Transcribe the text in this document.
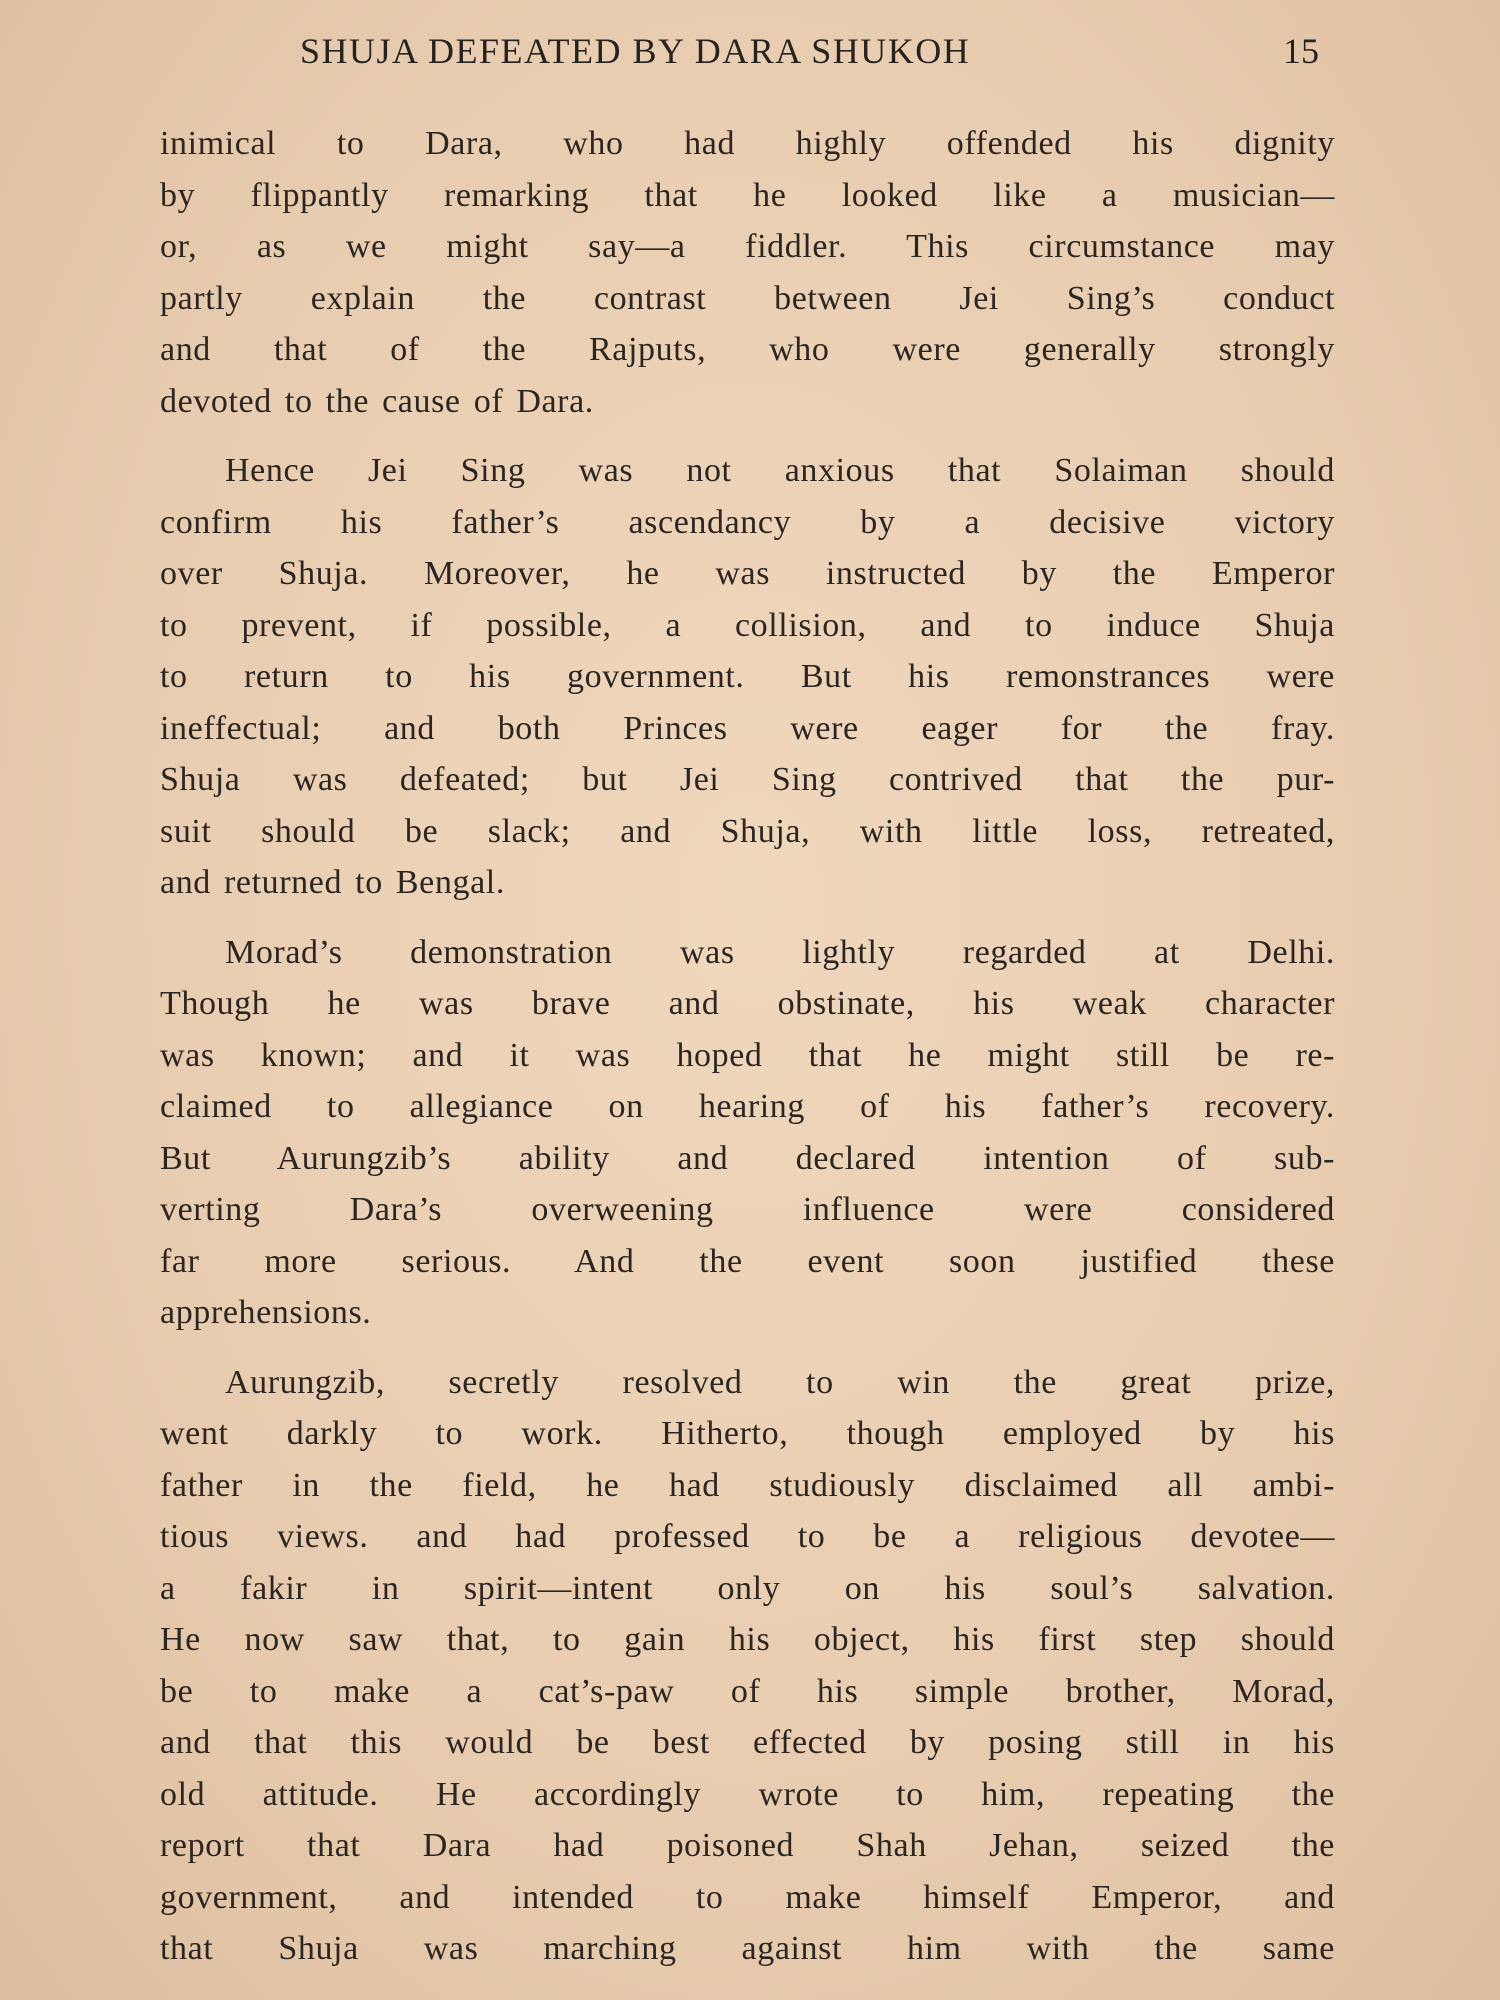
SHUJA DEFEATED BY DARA SHUKOH	15
inimical to Dara, who had highly offended his dignity
by flippantly remarking that he looked like a musician—
or, as we might say—a fiddler. This circumstance may
partly explain the contrast between Jei Sing’s conduct
and that of the Rajputs, who were generally strongly
devoted to the cause of Dara.
Hence Jei Sing was not anxious that Solaiman should
confirm his father’s ascendancy by a decisive victory
over Shuja. Moreover, he was instructed by the Emperor
to prevent, if possible, a collision, and to induce Shuja
to return to his government. But his remonstrances were
ineffectual; and both Princes were eager for the fray.
Shuja was defeated; but Jei Sing contrived that the pur-
suit should be slack; and Shuja, with little loss, retreated,
and returned to Bengal.
Morad’s demonstration was lightly regarded at Delhi.
Though he was brave and obstinate, his weak character
was known; and it was hoped that he might still be re-
claimed to allegiance on hearing of his father’s recovery.
But Aurungzib’s ability and declared intention of sub-
verting Dara’s overweening influence were considered
far more serious. And the event soon justified these
apprehensions.
Aurungzib, secretly resolved to win the great prize,
went darkly to work. Hitherto, though employed by his
father in the field, he had studiously disclaimed all ambi-
tious views. and had professed to be a religious devotee—
a fakir in spirit—intent only on his soul’s salvation.
He now saw that, to gain his object, his first step should
be to make a cat’s-paw of his simple brother, Morad,
and that this would be best effected by posing still in his
old attitude. He accordingly wrote to him, repeating the
report that Dara had poisoned Shah Jehan, seized the
government, and intended to make himself Emperor, and
that Shuja was marching against him with the same
